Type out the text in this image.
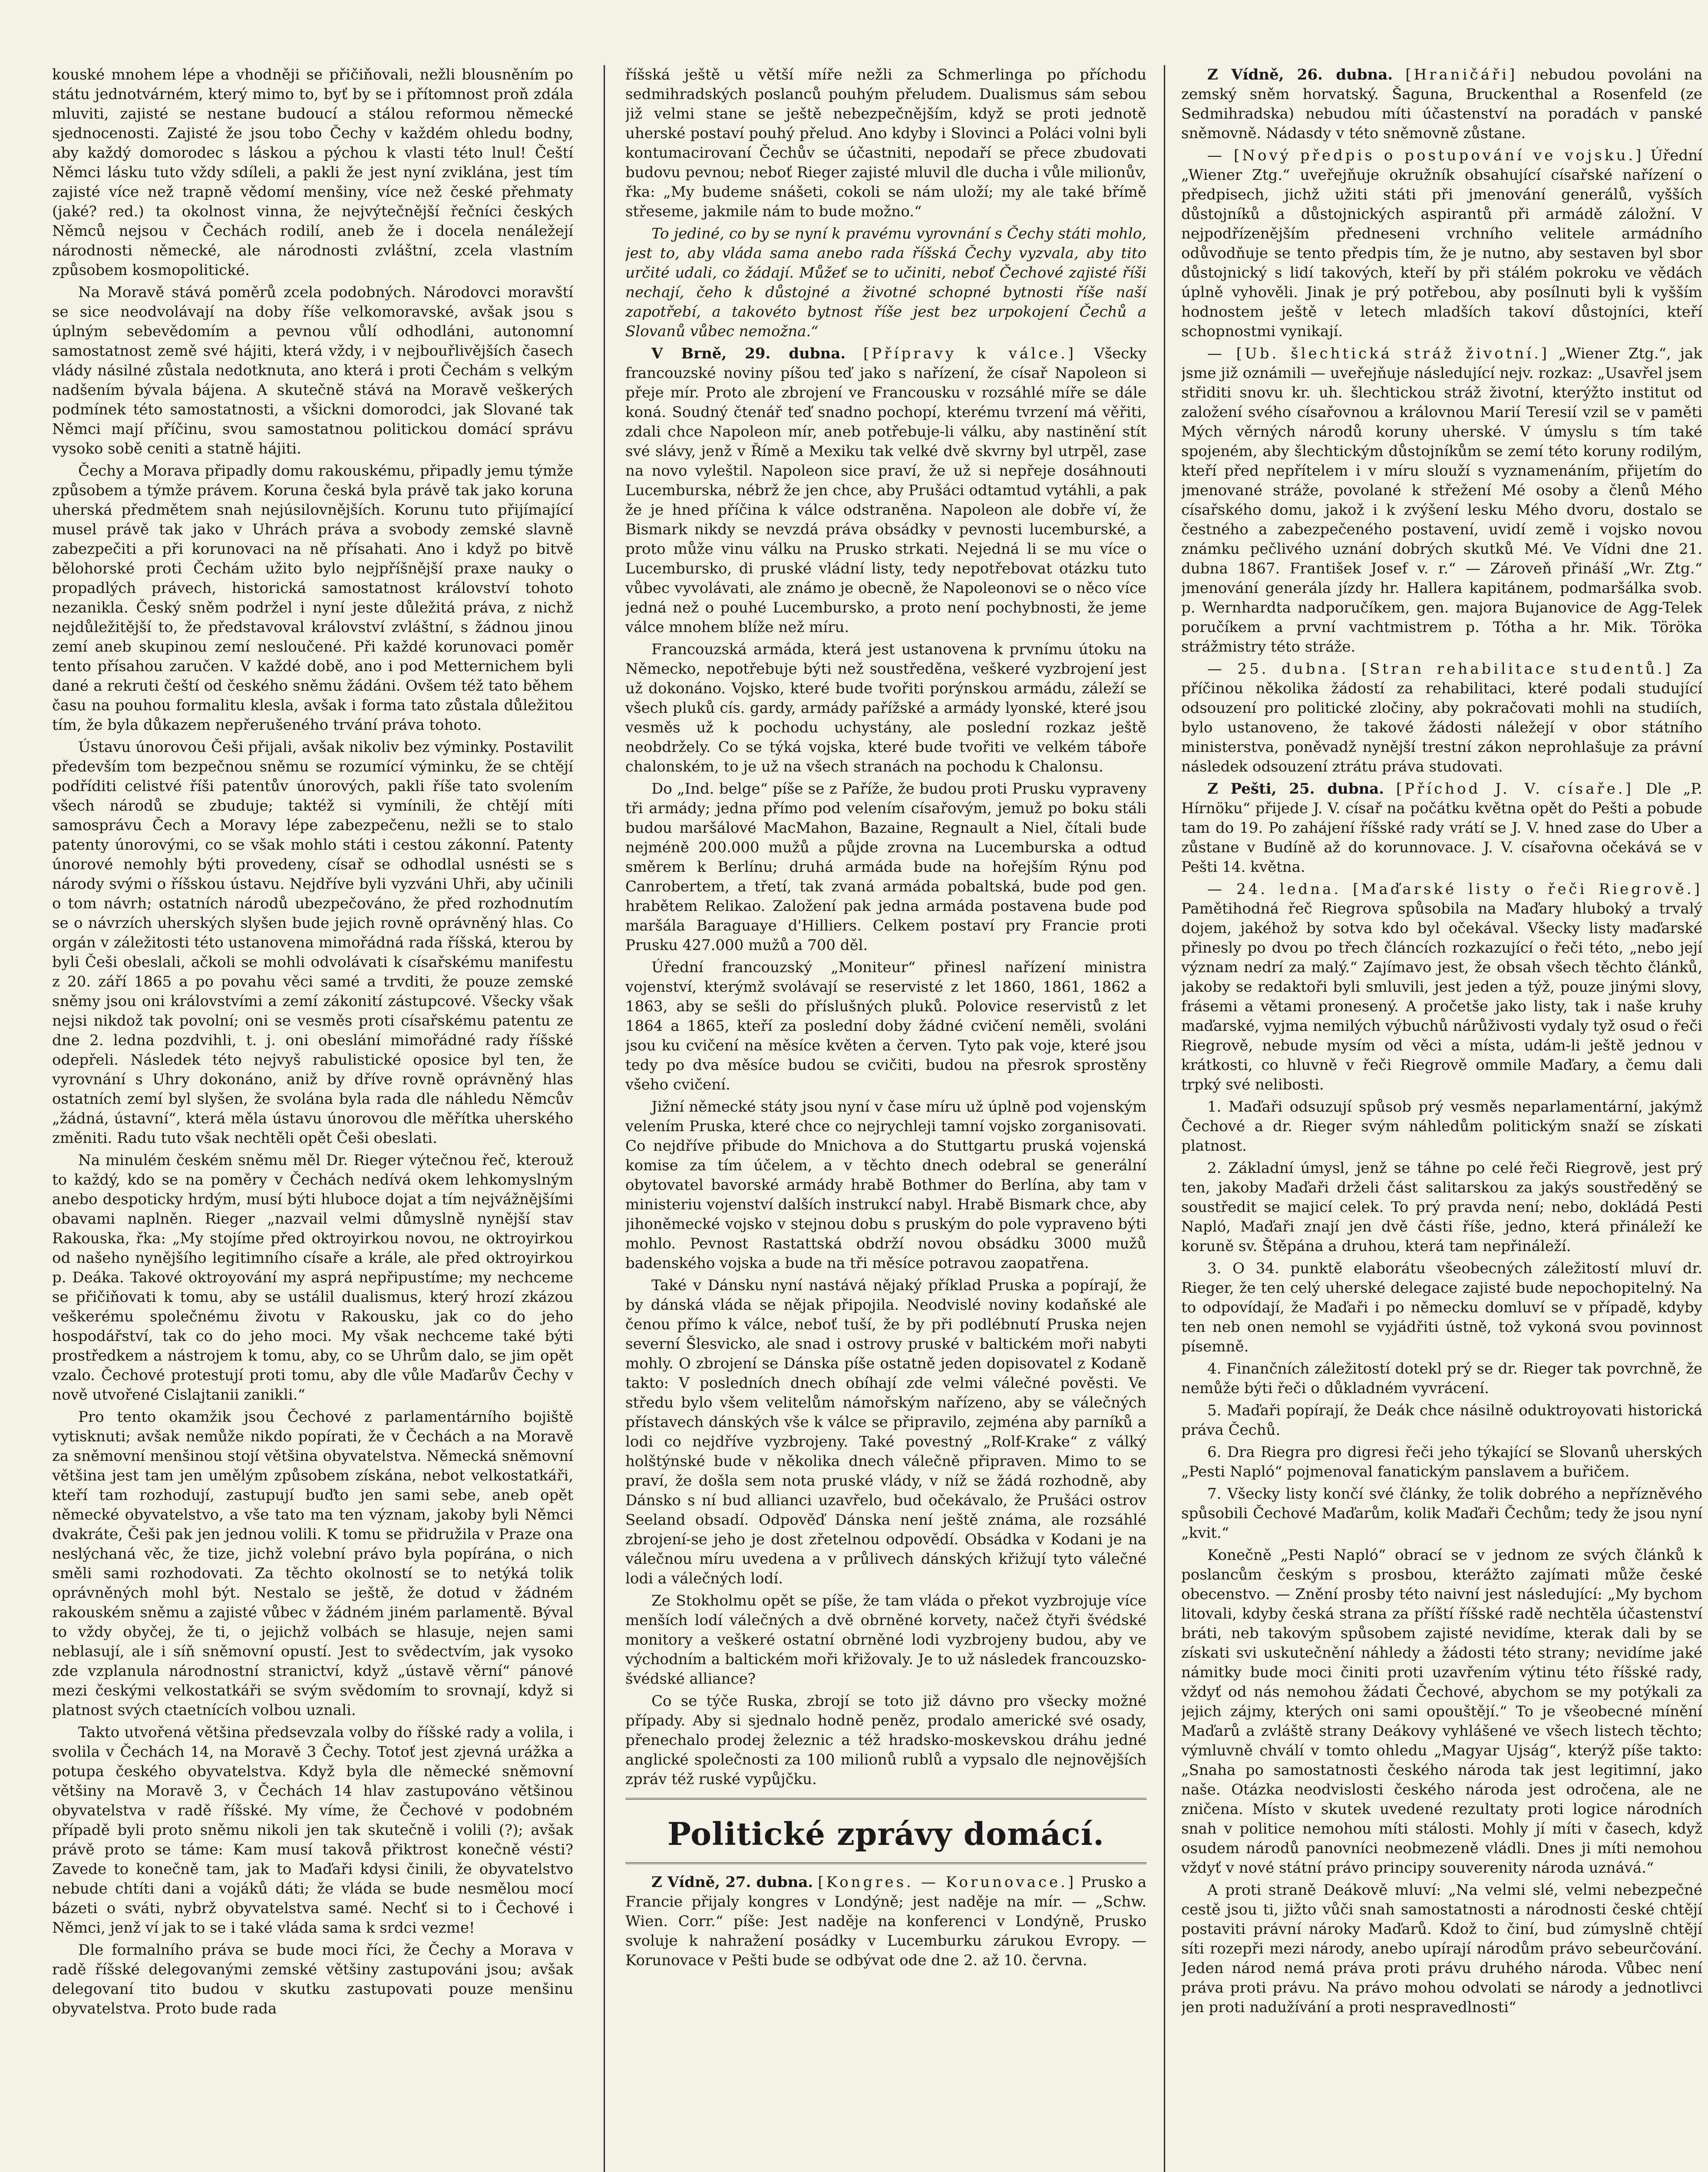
kouské mnohem lépe a vhodněji se přičiňovali, nežli blousněním po státu jednotvárném, který mimo to, byť by se i přítomnost proň zdála mluviti, zajisté se nestane budoucí a stálou reformou německé sjednocenosti. Zajisté že jsou tobo Čechy v každém ohledu bodny, aby každý domorodec s láskou a pýchou k vlasti této lnul! Čeští Němci lásku tuto vždy sdíleli, a pakli že jest nyní zviklána, jest tím zajisté více než trapně vědomí menšiny, více než české přehmaty (jaké? red.) ta okolnost vinna, že nejvýtečnější řečníci českých Němců nejsou v Čechách rodilí, aneb že i docela nenáležejí národnosti německé, ale národnosti zvláštní, zcela vlastním způsobem kosmopolitické.

Na Moravě stává poměrů zcela podobných. Národovci moravští se sice neodvolávají na doby říše velkomoravské, avšak jsou s úplným sebevědomím a pevnou vůlí odhodláni, autonomní samostatnost země své hájiti, která vždy, i v nejbouřlivějších časech vlády násilné zůstala nedotknuta, ano která i proti Čechám s velkým nadšením bývala bájena. A skutečně stává na Moravě veškerých podmínek této samostatnosti, a všickni domorodci, jak Slované tak Němci mají příčinu, svou samostatnou politickou domácí správu vysoko sobě ceniti a statně hájiti.

Čechy a Morava připadly domu rakouskému, připadly jemu týmže způsobem a týmže právem. Koruna česká byla právě tak jako koruna uherská předmětem snah nejúsilovnějších. Korunu tuto přijímající musel právě tak jako v Uhrách práva a svobody zemské slavně zabezpečiti a při korunovaci na ně přísahati. Ano i když po bitvě bělohorské proti Čechám užito bylo nejpříšnější praxe nauky o propadlých právech, historická samostatnost království tohoto nezanikla. Český sněm podržel i nyní jeste důležitá práva, z nichž nejdůležitější to, že představoval království zvláštní, s žádnou jinou zemí aneb skupinou zemí nesloučené. Při každé korunovaci poměr tento přísahou zaručen. V každé době, ano i pod Metternichem byli dané a rekruti čeští od českého sněmu žádáni. Ovšem též tato během času na pouhou formalitu klesla, avšak i forma tato zůstala důležitou tím, že byla důkazem nepřerušeného trvání práva tohoto.

Ústavu únorovou Češi přijali, avšak nikoliv bez výminky. Postavilit především tom bezpečnou sněmu se rozumící výminku, že se chtějí podříditi celistvé říši patentův únorových, pakli říše tato svolením všech národů se zbuduje; taktéž si vymínili, že chtějí míti samosprávu Čech a Moravy lépe zabezpečenu, nežli se to stalo patenty únorovými, co se však mohlo státi i cestou zákonní. Patenty únorové nemohly býti provedeny, císař se odhodlal usnésti se s národy svými o říšskou ústavu. Nejdříve byli vyzváni Uhři, aby učinili o tom návrh; ostatních národů ubezpečováno, že před rozhodnutím se o návrzích uherských slyšen bude jejich rovně oprávněný hlas. Co orgán v záležitosti této ustanovena mimořádná rada říšská, kterou by byli Češi obeslali, ačkoli se mohli odvolávati k císařskému manifestu z 20. září 1865 a po povahu věci samé a trvditi, že pouze zemské sněmy jsou oni královstvími a zemí zákonití zástupcové. Všecky však nejsi nikdož tak povolní; oni se vesměs proti císařskému patentu ze dne 2. ledna pozdvihli, t. j. oni obeslání mimořádné rady říšské odepřeli. Následek této nejvyš rabulistické oposice byl ten, že vyrovnání s Uhry dokonáno, aniž by dříve rovně oprávněný hlas ostatních zemí byl slyšen, že svolána byla rada dle náhledu Němcův „žádná, ústavní“, která měla ústavu únorovou dle měřítka uherského změniti. Radu tuto však nechtěli opět Češi obeslati.

Na minulém českém sněmu měl Dr. Rieger výtečnou řeč, kterouž to každý, kdo se na poměry v Čechách nedívá okem lehkomyslným anebo despoticky hrdým, musí býti hluboce dojat a tím nejvážnějšími obavami naplněn. Rieger „nazvail velmi důmyslně nynější stav Rakouska, řka: „My stojíme před oktroyirkou novou, ne oktroyirkou od našeho nynějšího legitimního císaře a krále, ale před oktroyirkou p. Deáka. Takové oktroyování my asprá nepřipustíme; my nechceme se přičiňovati k tomu, aby se ustálil dualismus, který hrozí zkázou veškerému společnému životu v Rakousku, jak co do jeho hospodářství, tak co do jeho moci. My však nechceme také býti prostředkem a nástrojem k tomu, aby, co se Uhrům dalo, se jim opět vzalo. Čechové protestují proti tomu, aby dle vůle Maďarův Čechy v nově utvořené Cislajtanii zanikli.“

Pro tento okamžik jsou Čechové z parlamentárního bojiště vytisknuti; avšak nemůže nikdo popírati, že v Čechách a na Moravě za sněmovní menšinou stojí většina obyvatelstva. Německá sněmovní většina jest tam jen umělým způsobem získána, nebot velkostatkáři, kteří tam rozhodují, zastupují buďto jen sami sebe, aneb opět německé obyvatelstvo, a vše tato ma ten význam, jakoby byli Němci dvakráte, Češi pak jen jednou volili. K tomu se přidružila v Praze ona neslýchaná věc, že tize, jichž volební právo byla popírána, o nich směli sami rozhodovati. Za těchto okolností se to netýká tolik oprávněných mohl být. Nestalo se ještě, že dotud v žádném rakouském sněmu a zajisté vůbec v žádném jiném parlamentě. Býval to vždy obyčej, že ti, o jejichž volbách se hlasuje, nejen sami neblasují, ale i síň sněmovní opustí. Jest to svědectvím, jak vysoko zde vzplanula národnostní stranictví, když „ústavě věrní“ pánové mezi českými velkostatkáři se svým svědomím to srovnají, když si platnost svých ctaetnících volbou uznali.

Takto utvořená většina předsevzala volby do říšské rady a volila, i svolila v Čechách 14, na Moravě 3 Čechy. Totoť jest zjevná urážka a potupa českého obyvatelstva. Když byla dle německé sněmovní většiny na Moravě 3, v Čechách 14 hlav zastupováno většinou obyvatelstva v radě říšské. My víme, že Čechové v podobném případě byli proto sněmu nikoli jen tak skutečně i volili (?); avšak právě proto se táme: Kam musí takovå přiktrost konečně vésti? Zavede to konečně tam, jak to Maďaři kdysi činili, že obyvatelstvo nebude chtíti dani a vojáků dáti; že vláda se bude nesmělou mocí bázeti o sváti, nybrž obyvatelstva samé. Nechť si to i Čechové i Němci, jenž ví jak to se i také vláda sama k srdci vezme!

Dle formalního práva se bude moci říci, že Čechy a Morava v radě říšské delegovanými zemské většiny zastupováni jsou; avšak delegovaní tito budou v skutku zastupovati pouze menšinu obyvatelstva. Proto bude rada

říšská ještě u větší míře nežli za Schmerlinga po příchodu sedmihradských poslanců pouhým přeludem. Dualismus sám sebou již velmi stane se ještě nebezpečnějším, když se proti jednotě uherské postaví pouhý přelud. Ano kdyby i Slovinci a Poláci volni byli kontumacirovaní Čechův se účastniti, nepodaří se přece zbudovati budovu pevnou; neboť Rieger zajisté mluvil dle ducha i vůle milionův, řka: „My budeme snášeti, cokoli se nám uloží; my ale také břímě střeseme, jakmile nám to bude možno.“

To jediné, co by se nyní k pravému vyrovnání s Čechy státi mohlo, jest to, aby vláda sama anebo rada říšská Čechy vyzvala, aby tito určité udali, co žádají. Můžeť se to učiniti, neboť Čechové zajisté říši nechají, čeho k důstojné a životné schopné bytnosti říše naší zapotřebí, a takovéto bytnost říše jest bez urpokojení Čechů a Slovanů vůbec nemožna.“

V Brně, 29. dubna. [Přípravy k válce.] Všecky francouzské noviny píšou teď jako s nařízení, že císař Napoleon si přeje mír. Proto ale zbrojení ve Francousku v rozsáhlé míře se dále koná. Soudný čtenář teď snadno pochopí, kterému tvrzení má věřiti, zdali chce Napoleon mír, aneb potřebuje-li válku, aby nastinění stít své slávy, jenž v Římě a Mexiku tak velké dvě skvrny byl utrpěl, zase na novo vyleštil. Napoleon sice praví, že už si nepřeje dosáhnouti Lucemburska, nébrž že jen chce, aby Prušáci odtamtud vytáhli, a pak že je hned příčina k válce odstraněna. Napoleon ale dobře ví, že Bismark nikdy se nevzdá práva obsádky v pevnosti lucemburské, a proto může vinu válku na Prusko strkati. Nejedná li se mu více o Lucembursko, di pruské vládní listy, tedy nepotřebovat otázku tuto vůbec vyvolávati, ale známo je obecně, že Napoleonovi se o něco více jedná než o pouhé Lucembursko, a proto není pochybnosti, že jeme válce mnohem blíže než míru.

Francouzská armáda, která jest ustanovena k prvnímu útoku na Německo, nepotřebuje býti než soustředěna, veškeré vyzbrojení jest už dokonáno. Vojsko, které bude tvořiti porýnskou armádu, záleží se všech pluků cís. gardy, armády pařížské a armády lyonské, které jsou vesměs už k pochodu uchystány, ale poslední rozkaz ještě neobdržely. Co se týká vojska, které bude tvořiti ve velkém táboře chalonském, to je už na všech stranách na pochodu k Chalonsu.

Do „Ind. belge“ píše se z Paříže, že budou proti Prusku vypraveny tři armády; jedna přímo pod velením císařovým, jemuž po boku stáli budou maršálové MacMahon, Bazaine, Regnault a Niel, čítali bude nejméně 200.000 mužů a půjde zrovna na Lucemburska a odtud směrem k Berlínu; druhá armáda bude na hořejším Rýnu pod Canrobertem, a třetí, tak zvaná armáda pobaltská, bude pod gen. hrabětem Relikao. Založení pak jedna armáda postavena bude pod maršála Baraguaye d'Hilliers. Celkem postaví pry Francie proti Prusku 427.000 mužů a 700 děl.

Úřední francouzský „Moniteur“ přinesl nařízení ministra vojenství, kterýmž svolávají se reservisté z let 1860, 1861, 1862 a 1863, aby se sešli do příslušných pluků. Polovice reservistů z let 1864 a 1865, kteří za poslední doby žádné cvičení neměli, svoláni jsou ku cvičení na měsíce květen a červen. Tyto pak voje, které jsou tedy po dva měsíce budou se cvičiti, budou na přesrok sprostěny všeho cvičení.

Jižní německé státy jsou nyní v čase míru už úplně pod vojenským velením Pruska, které chce co nejrychleji tamní vojsko zorganisovati. Co nejdříve přibude do Mnichova a do Stuttgartu pruská vojenská komise za tím účelem, a v těchto dnech odebral se generální obytovatel bavorské armády hrabě Bothmer do Berlína, aby tam v ministeriu vojenství dalších instrukcí nabyl. Hrabě Bismark chce, aby jihoněmecké vojsko v stejnou dobu s pruským do pole vypraveno býti mohlo. Pevnost Rastattská obdrží novou obsádku 3000 mužů badenského vojska a bude na tři měsíce potravou zaopatřena.

Také v Dánsku nyní nastává nějaký příklad Pruska a popírají, že by dánská vláda se nějak připojila. Neodvislé noviny kodaňské ale čenou přímo k válce, neboť tuší, že by při podlébnutí Pruska nejen severní Šlesvicko, ale snad i ostrovy pruské v baltickém moři nabyti mohly. O zbrojení se Dánska píše ostatně jeden dopisovatel z Kodaně takto: V posledních dnech obíhají zde velmi válečné pověsti. Ve středu bylo všem velitelům námořským nařízeno, aby se válečných přístavech dánských vše k válce se připravilo, zejména aby parníků a lodi co nejdříve vyzbrojeny. Také povestný „Rolf-Krake“ z válký holštýnské bude v několika dnech válečně připraven. Mimo to se praví, že došla sem nota pruské vlády, v níž se žádá rozhodně, aby Dánsko s ní bud allianci uzavřelo, bud očekávalo, že Prušáci ostrov Seeland obsadí. Odpověď Dánska není ještě známa, ale rozsáhlé zbrojení-se jeho je dost zřetelnou odpovědí. Obsádka v Kodani je na válečnou míru uvedena a v průlivech dánských křižují tyto válečné lodi a válečných lodí.

Ze Stokholmu opět se píše, že tam vláda o překot vyzbrojuje více menších lodí válečných a dvě obrněné korvety, načež čtyři švédské monitory a veškeré ostatní obrněné lodi vyzbrojeny budou, aby ve východním a baltickém moři křižovaly. Je to už následek francouzsko-švédské alliance?

Co se týče Ruska, zbrojí se toto již dávno pro všecky možné případy. Aby si sjednalo hodně peněz, prodalo americké své osady, přenechalo prodej železnic a též hradsko-moskevskou dráhu jedné anglické společnosti za 100 milionů rublů a vypsalo dle nejnovějších zpráv též ruské vypůjčku.

Politické zprávy domácí.

Z Vídně, 27. dubna. [Kongres. — Korunovace.] Prusko a Francie přijaly kongres v Londýně; jest naděje na mír. — „Schw. Wien. Corr.“ píše: Jest naděje na konferenci v Londýně, Prusko svoluje k nahražení posádky v Lucemburku zárukou Evropy. — Korunovace v Pešti bude se odbývat ode dne 2. až 10. června.

Z Vídně, 26. dubna. [Hraničáři] nebudou povoláni na zemský sněm horvatský. Šaguna, Bruckenthal a Rosenfeld (ze Sedmihradska) nebudou míti účastenství na poradách v panské sněmovně. Nádasdy v této sněmovně zůstane.

— [Nový předpis o postupování ve vojsku.] Úřední „Wiener Ztg.“ uveřejňuje okružník obsahující císařské nařízení o předpisech, jichž užiti státi při jmenování generálů, vyšších důstojníků a důstojnických aspirantů při armádě záložní. V nejpodřízenějším předneseni vrchního velitele armádního odůvodňuje se tento předpis tím, že je nutno, aby sestaven byl sbor důstojnický s lidí takových, kteří by při stálém pokroku ve vědách úplně vyhověli. Jinak je prý potřebou, aby posílnuti byli k vyšším hodnostem ještě v letech mladších takoví důstojníci, kteří schopnostmi vynikají.

— [Ub. šlechtická stráž životní.] „Wiener Ztg.“, jak jsme již oznámili — uveřejňuje následující nejv. rozkaz: „Usavřel jsem střiditi snovu kr. uh. šlechtickou stráž životní, kterýžto institut od založení svého císařovnou a královnou Marií Teresií vzil se v paměti Mých věrných národů koruny uherské. V úmyslu s tím také spojeném, aby šlechtickým důstojníkům se zemí této koruny rodilým, kteří před nepřítelem i v míru slouží s vyznamenáním, přijetím do jmenované stráže, povolané k střežení Mé osoby a členů Mého císařského domu, jakož i k zvýšení lesku Mého dvoru, dostalo se čestného a zabezpečeného postavení, uvidí země i vojsko novou známku pečlivého uznání dobrých skutků Mé. Ve Vídni dne 21. dubna 1867. František Josef v. r.“ — Zároveň přináší „Wr. Ztg.“ jmenování generála jízdy hr. Hallera kapitánem, podmaršálka svob. p. Wernhardta nadporučíkem, gen. majora Bujanovice de Agg-Telek poručíkem a první vachtmistrem p. Tótha a hr. Mik. Töröka strážmistry této stráže.

— 25. dubna. [Stran rehabilitace studentů.] Za příčinou několika žádostí za rehabilitaci, které podali studující odsouzení pro politické zločiny, aby pokračovati mohli na studiích, bylo ustanoveno, že takové žádosti náležejí v obor státního ministerstva, poněvadž nynější trestní zákon neprohlašuje za právní následek odsouzení ztrátu práva studovati.

Z Pešti, 25. dubna. [Příchod J. V. císaře.] Dle „P. Hírnöku“ přijede J. V. císař na počátku května opět do Pešti a pobude tam do 19. Po zahájení říšské rady vrátí se J. V. hned zase do Uber a zůstane v Budíně až do korunnovace. J. V. císařovna očekává se v Pešti 14. května.

— 24. ledna. [Maďarské listy o řeči Riegrově.] Pamětihodná řeč Riegrova spůsobila na Maďary hluboký a trvalý dojem, jakéhož by sotva kdo byl očekával. Všecky listy maďarské přinesly po dvou po třech článcích rozkazující o řeči této, „nebo její význam nedrí za malý.“ Zajímavo jest, že obsah všech těchto článků, jakoby se redaktoři byli smluvili, jest jeden a týž, pouze jinými slovy, frásemi a větami pronesený. A pročetše jako listy, tak i naše kruhy maďarské, vyjma nemilých výbuchů nárůživosti vydaly tyž osud o řeči Riegrově, nebude mysím od věci a místa, udám-li ještě jednou v krátkosti, co hluvně v řeči Riegrově ommile Maďary, a čemu dali trpký své nelibosti.

1. Maďaři odsuzují spůsob prý vesměs neparlamentární, jakýmž Čechové a dr. Rieger svým náhledům politickým snaží se získati platnost.

2. Základní úmysl, jenž se táhne po celé řeči Riegrově, jest prý ten, jakoby Maďaři drželi část salitarskou za jakýs soustředěný se soustředit se majicí celek. To prý pravda není; nebo, dokládá Pesti Napló, Maďaři znají jen dvě části říše, jedno, která přináleží ke koruně sv. Štěpána a druhou, která tam nepřináleží.

3. O 34. punktě elaborátu všeobecných záležitostí mluví dr. Rieger, že ten celý uherské delegace zajisté bude nepochopitelný. Na to odpovídají, že Maďaři i po německu domluví se v případě, kdyby ten neb onen nemohl se vyjádřiti ústně, tož vykoná svou povinnost písemně.

4. Finančních záležitostí dotekl prý se dr. Rieger tak povrchně, že nemůže býti řeči o důkladném vyvrácení.

5. Maďaři popírají, že Deák chce násilně oduktroyovati historická práva Čechů.

6. Dra Riegra pro digresi řeči jeho týkající se Slovanů uherských „Pesti Napló“ pojmenoval fanatickým panslavem a buřičem.

7. Všecky listy končí své články, že tolik dobrého a nepřízněvého spůsobili Čechové Maďarům, kolik Maďaři Čechům; tedy že jsou nyní „kvit.“

Konečně „Pesti Napló“ obrací se v jednom ze svých článků k poslancům českým s prosbou, kterážto zajímati může české obecenstvo. — Znění prosby této naivní jest následující: „My bychom litovali, kdyby česká strana za příští říšské radě nechtěla účastenství bráti, neb takovým spůsobem zajisté nevidíme, kterak dali by se získati svi uskutečnění náhledy a žádosti této strany; nevidíme jaké námitky bude moci činiti proti uzavřením výtinu této říšské rady, vždyť od nás nemohou žádati Čechové, abychom se my potýkali za jejich zájmy, kterých oni sami opouštějí.“ To je všeobecné mínění Maďarů a zvláště strany Deákovy vyhlášené ve všech listech těchto; výmluvně chválí v tomto ohledu „Magyar Ujság“, kterýž píše takto: „Snaha po samostatnosti českého národa tak jest legitimní, jako naše. Otázka neodvislosti českého národa jest odročena, ale ne zničena. Místo v skutek uvedené rezultaty proti logice národních snah v politice nemohou míti stálosti. Mohly jí míti v časech, když osudem národů panovníci neobmezeně vládli. Dnes ji míti nemohou vždyť v nové státní právo principy souverenity národa uznává.“

A proti straně Deákově mluví: „Na velmi slé, velmi nebezpečné cestě jsou ti, jižto vůči snah samostatnosti a národnosti české chtějí postaviti právní nároky Maďarů. Kdož to činí, bud zúmyslně chtějí síti rozepři mezi národy, anebo upírají národům právo sebeurčování. Jeden národ nemá práva proti právu druhého národa. Vůbec není práva proti právu. Na právo mohou odvolati se národy a jednotlivci jen proti nadužívání a proti nespravedlnosti“
